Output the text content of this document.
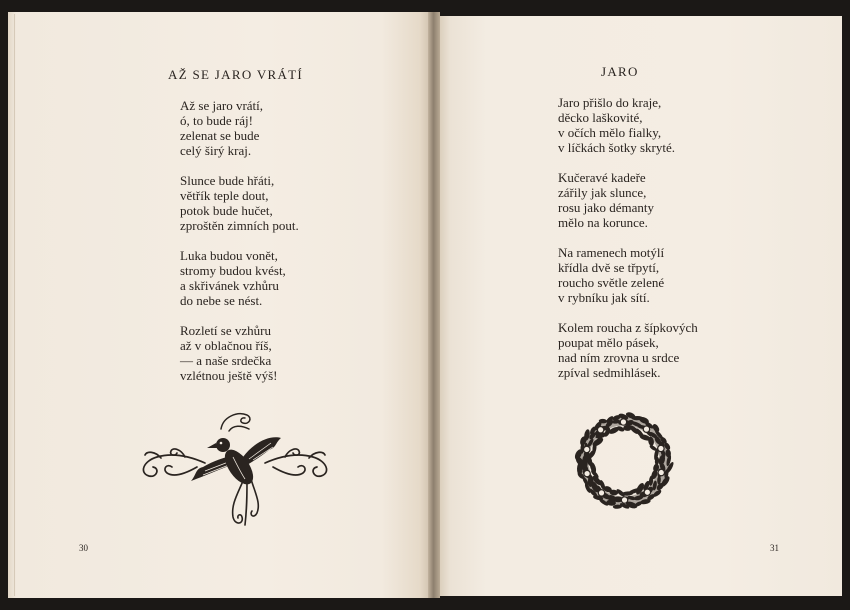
AŽ SE JARO VRÁTÍ
Až se jaro vrátí,
ó, to bude ráj!
zelenat se bude
celý širý kraj.
Slunce bude hřáti,
větřík teple dout,
potok bude hučet,
zproštěn zimních pout.
Luka budou vonět,
stromy budou kvést,
a skřivánek vzhůru
do nebe se nést.
Rozletí se vzhůru
až v oblačnou říš,
— a naše srdečka
vzlétnou ještě výš!
30
JARO
Jaro přišlo do kraje,
děcko laškovité,
v očích mělo fialky,
v líčkách šotky skryté.
Kučeravé kadeře
zářily jak slunce,
rosu jako démanty
mělo na korunce.
Na ramenech motýlí
křídla dvě se třpytí,
roucho světle zelené
v rybníku jak sítí.
Kolem roucha z šípkových
poupat mělo pásek,
nad ním zrovna u srdce
zpíval sedmihlásek.
31
